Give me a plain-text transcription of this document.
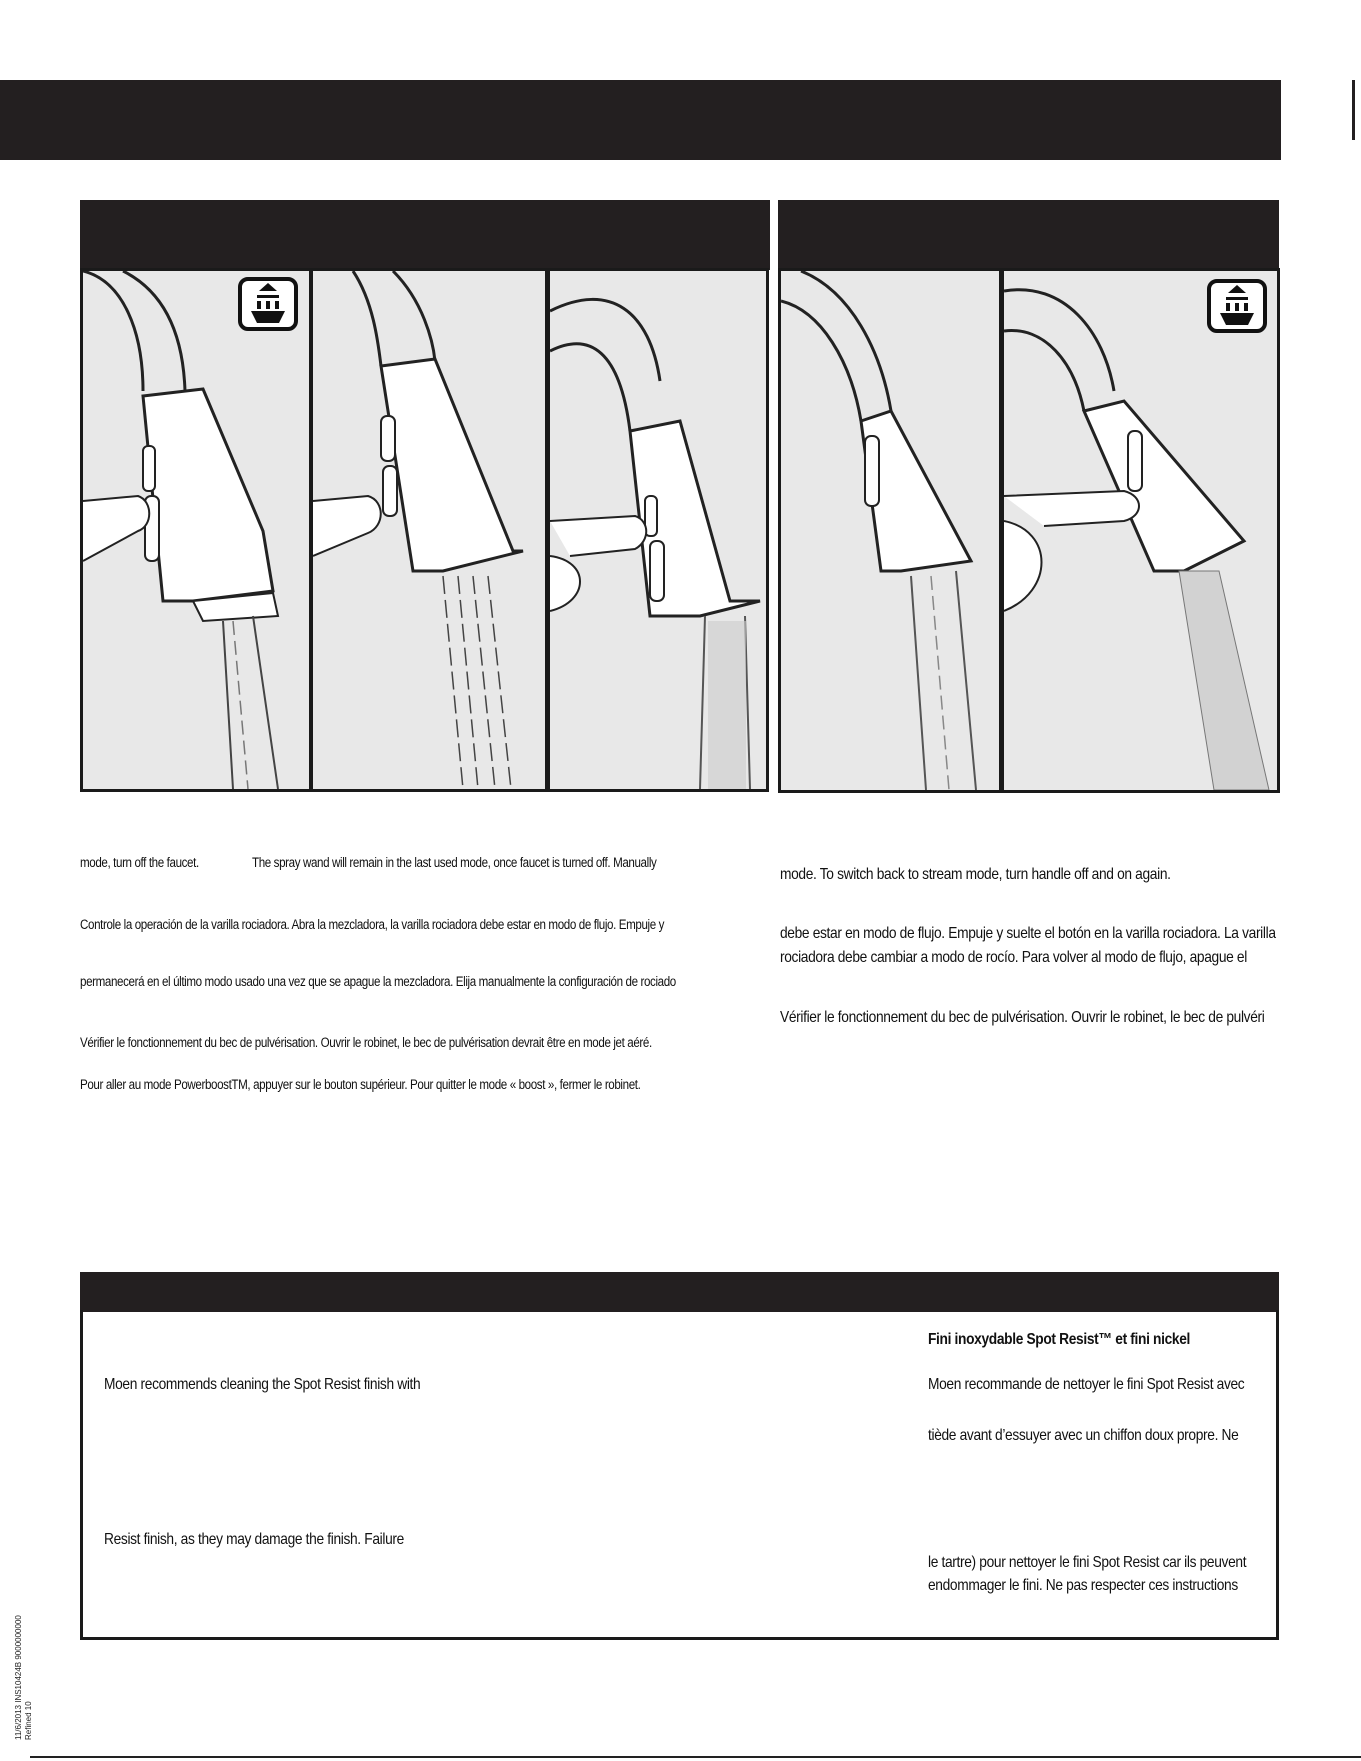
mode, turn off the faucet.	The spray wand will remain in the last used mode, once faucet is turned off. Manually
Controle la operación de la varilla rociadora. Abra la mezcladora, la varilla rociadora debe estar en modo de flujo. Empuje y
permanecerá en el último modo usado una vez que se apague la mezcladora. Elija manualmente la configuración de rociado
Vérifier le fonctionnement du bec de pulvérisation. Ouvrir le robinet, le bec de pulvérisation devrait être en mode jet aéré.
Pour aller au mode PowerboostTM, appuyer sur le bouton supérieur. Pour quitter le mode « boost », fermer le robinet.
mode. To switch back to stream mode, turn handle off and on again.
debe estar en modo de flujo. Empuje y suelte el botón en la varilla rociadora. La varilla
rociadora debe cambiar a modo de rocío. Para volver al modo de flujo, apague el
Vérifier le fonctionnement du bec de pulvérisation. Ouvrir le robinet, le bec de pulvéri
Moen recommends cleaning the Spot Resist finish with
Resist finish, as they may damage the finish. Failure
Fini inoxydable Spot Resist™ et fini nickel
Moen recommande de nettoyer le fini Spot Resist avec
tiède avant d’essuyer avec un chiffon doux propre. Ne
le tartre) pour nettoyer le fini Spot Resist car ils peuvent
endommager le fini. Ne pas respecter ces instructions
11/6/2013 INS10424B 9000000000 Refined 10
